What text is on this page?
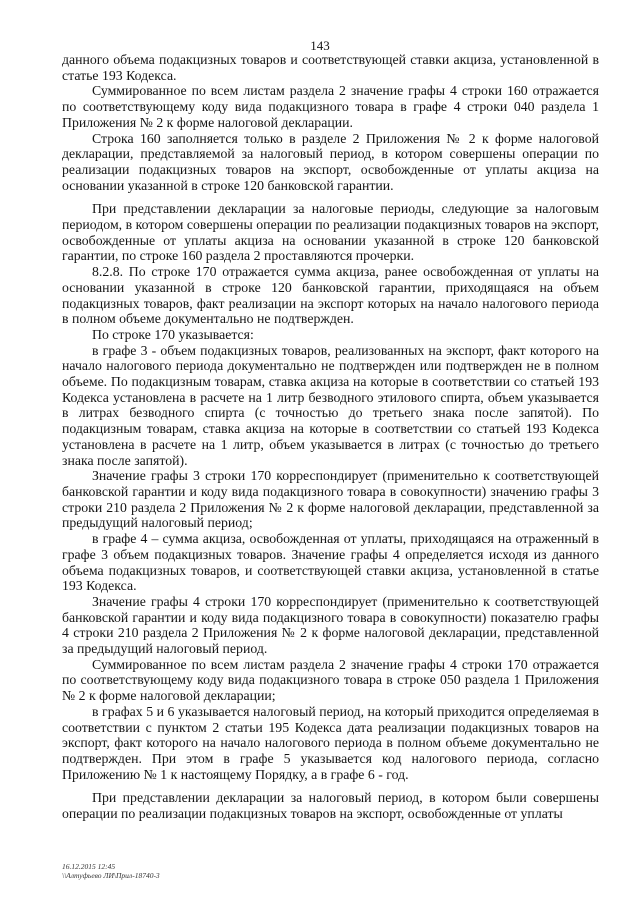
143

данного объема подакцизных товаров и соответствующей ставки акциза, установленной в статье 193 Кодекса.

Суммированное по всем листам раздела 2 значение графы 4 строки 160 отражается по соответствующему коду вида подакцизного товара в графе 4 строки 040 раздела 1 Приложения № 2 к форме налоговой декларации.

Строка 160 заполняется только в разделе 2 Приложения № 2 к форме налоговой декларации, представляемой за налоговый период, в котором совершены операции по реализации подакцизных товаров на экспорт, освобожденные от уплаты акциза на основании указанной в строке 120 банковской гарантии.

При представлении декларации за налоговые периоды, следующие за налоговым периодом, в котором совершены операции по реализации подакцизных товаров на экспорт, освобожденные от уплаты акциза на основании указанной в строке 120 банковской гарантии, по строке 160 раздела 2 проставляются прочерки.

8.2.8. По строке 170 отражается сумма акциза, ранее освобожденная от уплаты на основании указанной в строке 120 банковской гарантии, приходящаяся на объем подакцизных товаров, факт реализации на экспорт которых на начало налогового периода в полном объеме документально не подтвержден.

По строке 170 указывается:

в графе 3 - объем подакцизных товаров, реализованных на экспорт, факт которого на начало налогового периода документально не подтвержден или подтвержден не в полном объеме. По подакцизным товарам, ставка акциза на которые в соответствии со статьей 193 Кодекса установлена в расчете на 1 литр безводного этилового спирта, объем указывается в литрах безводного спирта (с точностью до третьего знака после запятой). По подакцизным товарам, ставка акциза на которые в соответствии со статьей 193 Кодекса установлена в расчете на 1 литр, объем указывается в литрах (с точностью до третьего знака после запятой).

Значение графы 3 строки 170 корреспондирует (применительно к соответствующей банковской гарантии и коду вида подакцизного товара в совокупности) значению графы 3 строки 210 раздела 2 Приложения № 2 к форме налоговой декларации, представленной за предыдущий налоговый период;

в графе 4 – сумма акциза, освобожденная от уплаты, приходящаяся на отраженный в графе 3 объем подакцизных товаров. Значение графы 4 определяется исходя из данного объема подакцизных товаров, и соответствующей ставки акциза, установленной в статье 193 Кодекса.

Значение графы 4 строки 170 корреспондирует (применительно к соответствующей банковской гарантии и коду вида подакцизного товара в совокупности) показателю графы 4 строки 210 раздела 2 Приложения № 2 к форме налоговой декларации, представленной за предыдущий налоговый период.

Суммированное по всем листам раздела 2 значение графы 4 строки 170 отражается по соответствующему коду вида подакцизного товара в строке 050 раздела 1 Приложения № 2 к форме налоговой декларации;

в графах 5 и 6 указывается налоговый период, на который приходится определяемая в соответствии с пунктом 2 статьи 195 Кодекса дата реализации подакцизных товаров на экспорт, факт которого на начало налогового периода в полном объеме документально не подтвержден. При этом в графе 5 указывается код налогового периода, согласно Приложению № 1 к настоящему Порядку, а в графе 6 - год.

При представлении декларации за налоговый период, в котором были совершены операции по реализации подакцизных товаров на экспорт, освобожденные от уплаты

16.12.2015 12:45
\\Алтуфьево ЛИ\Прил-18740-3
